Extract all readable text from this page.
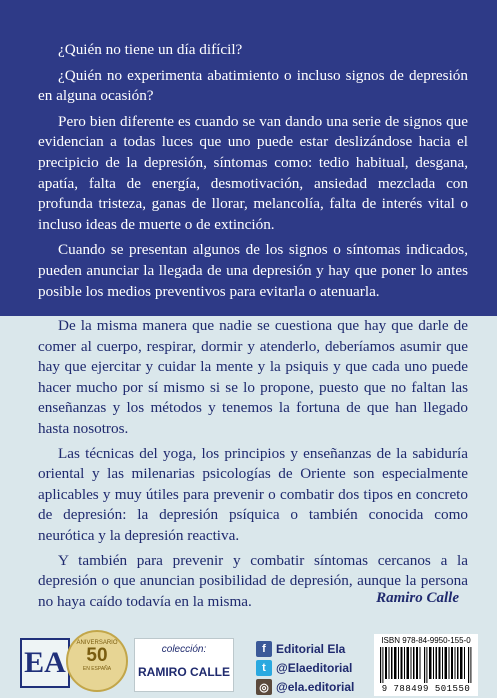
¿Quién no tiene un día difícil?

¿Quién no experimenta abatimiento o incluso signos de depresión en alguna ocasión?

Pero bien diferente es cuando se van dando una serie de signos que evidencian a todas luces que uno puede estar deslizándose hacia el precipicio de la depresión, síntomas como: tedio habitual, desgana, apatía, falta de energía, desmotivación, ansiedad mezclada con profunda tristeza, ganas de llorar, melancolía, falta de interés vital o incluso ideas de muerte o de extinción.

Cuando se presentan algunos de los signos o síntomas indicados, pueden anunciar la llegada de una depresión y hay que poner lo antes posible los medios preventivos para evitarla o atenuarla.

De la misma manera que nadie se cuestiona que hay que darle de comer al cuerpo, respirar, dormir y atenderlo, deberíamos asumir que hay que ejercitar y cuidar la mente y la psiquis y que cada uno puede hacer mucho por sí mismo si se lo propone, puesto que no faltan las enseñanzas y los métodos y tenemos la fortuna de que han llegado hasta nosotros.

Las técnicas del yoga, los principios y enseñanzas de la sabiduría oriental y las milenarias psicologías de Oriente son especialmente aplicables y muy útiles para prevenir o combatir dos tipos en concreto de depresión: la depresión psíquica o también conocida como neurótica y la depresión reactiva.

Y también para prevenir y combatir síntomas cercanos a la depresión o que anuncian posibilidad de depresión, aunque la persona no haya caído todavía en la misma.	Ramiro Calle
EA
ANIVERSARIO
50
EN ESPAÑA
colección:
RAMIRO CALLE
f Editorial Ela
t @Elaeditorial
◎ @ela.editorial
ISBN 978-84-9950-155-0
9 788499 501550
